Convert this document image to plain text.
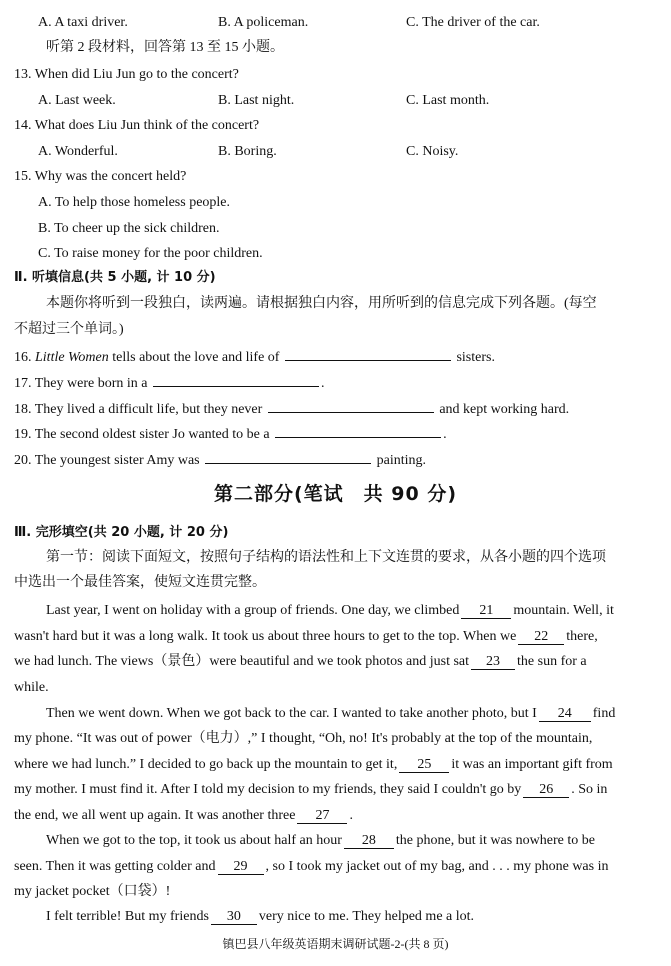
A. A taxi driver.	B. A policeman.	C. The driver of the car.
听第 2 段材料，回答第 13 至 15 小题。
13. When did Liu Jun go to the concert?
A. Last week.	B. Last night.	C. Last month.
14. What does Liu Jun think of the concert?
A. Wonderful.	B. Boring.	C. Noisy.
15. Why was the concert held?
A. To help those homeless people.
B. To cheer up the sick children.
C. To raise money for the poor children.
Ⅱ. 听填信息(共 5 小题, 计 10 分)
本题你将听到一段独白，读两遍。请根据独白内容，用所听到的信息完成下列各题。(每空
不超过三个单词。)
16. Little Women tells about the love and life of	sisters.
17. They were born in a	.
18. They lived a difficult life, but they never	and kept working hard.
19. The second oldest sister Jo wanted to be a	.
20. The youngest sister Amy was	painting.
第二部分(笔试　共 90 分)
Ⅲ. 完形填空(共 20 小题, 计 20 分)
第一节：阅读下面短文，按照句子结构的语法性和上下文连贯的要求，从各小题的四个选项
中选出一个最佳答案，使短文连贯完整。
Last year, I went on holiday with a group of friends. One day, we climbed 21 mountain. Well, it
wasn't hard but it was a long walk. It took us about three hours to get to the top. When we 22 there,
we had lunch. The views（景色）were beautiful and we took photos and just sat 23 the sun for a
while.
Then we went down. When we got back to the car. I wanted to take another photo, but I 24 find
my phone. “It was out of power（电力）,” I thought, “Oh, no! It's probably at the top of the mountain,
where we had lunch.” I decided to go back up the mountain to get it, 25 it was an important gift from
my mother. I must find it. After I told my decision to my friends, they said I couldn't go by 26 . So in
the end, we all went up again. It was another three 27 .
When we got to the top, it took us about half an hour 28 the phone, but it was nowhere to be
seen. Then it was getting colder and 29 , so I took my jacket out of my bag, and . . . my phone was in
my jacket pocket（口袋）!
I felt terrible! But my friends 30 very nice to me. They helped me a lot.
镇巴县八年级英语期末调研试题-2-(共 8 页)
